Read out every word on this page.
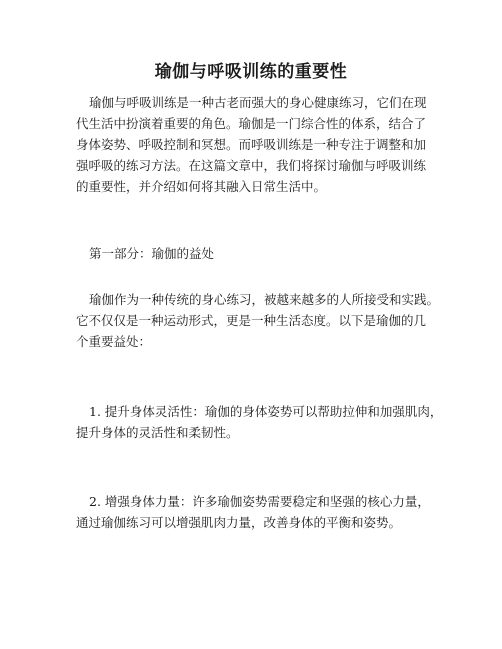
瑜伽与呼吸训练的重要性
瑜伽与呼吸训练是一种古老而强大的身心健康练习，它们在现
代生活中扮演着重要的角色。瑜伽是一门综合性的体系，结合了
身体姿势、呼吸控制和冥想。而呼吸训练是一种专注于调整和加
强呼吸的练习方法。在这篇文章中，我们将探讨瑜伽与呼吸训练
的重要性，并介绍如何将其融入日常生活中。
第一部分：瑜伽的益处
瑜伽作为一种传统的身心练习，被越来越多的人所接受和实践。
它不仅仅是一种运动形式，更是一种生活态度。以下是瑜伽的几
个重要益处：
1. 提升身体灵活性：瑜伽的身体姿势可以帮助拉伸和加强肌肉，
提升身体的灵活性和柔韧性。
2. 增强身体力量：许多瑜伽姿势需要稳定和坚强的核心力量，
通过瑜伽练习可以增强肌肉力量，改善身体的平衡和姿势。
